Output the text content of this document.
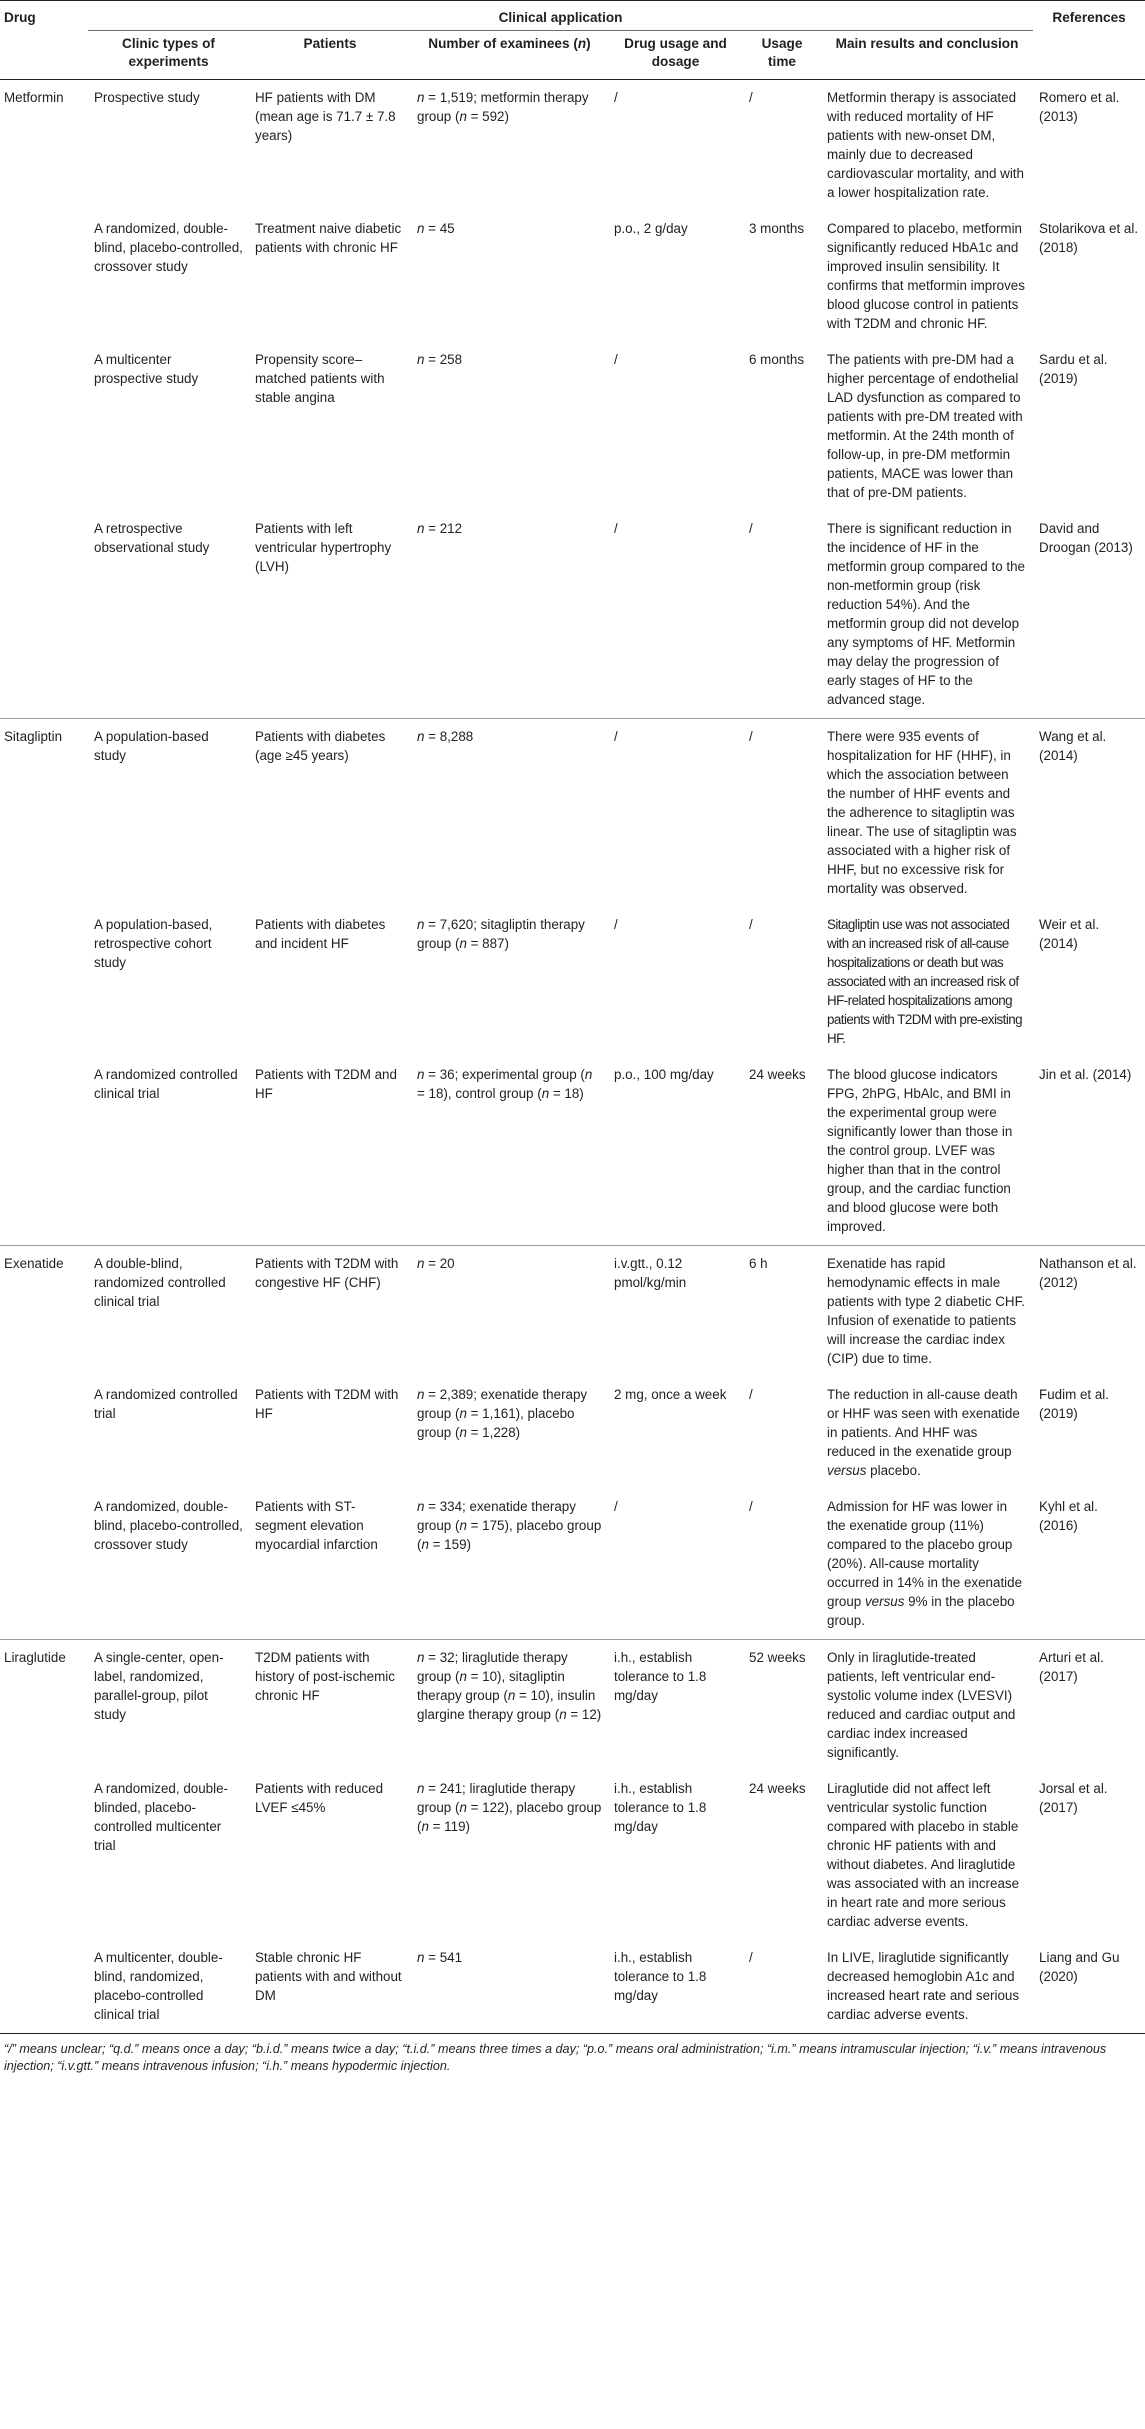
Drug	Clinical application						References
	Clinic types of experiments	Patients	Number of examinees (n)	Drug usage and dosage	Usage time	Main results and conclusion	
Metformin	Prospective study	HF patients with DM (mean age is 71.7 ± 7.8 years)	n = 1,519; metformin therapy group (n = 592)	/	/	Metformin therapy is associated with reduced mortality of HF patients with new-onset DM, mainly due to decreased cardiovascular mortality, and with a lower hospitalization rate.	Romero et al. (2013)
	A randomized, double-blind, placebo-controlled, crossover study	Treatment naive diabetic patients with chronic HF	n = 45	p.o., 2 g/day	3 months	Compared to placebo, metformin significantly reduced HbA1c and improved insulin sensibility. It confirms that metformin improves blood glucose control in patients with T2DM and chronic HF.	Stolarikova et al. (2018)
	A multicenter prospective study	Propensity score–matched patients with stable angina	n = 258	/	6 months	The patients with pre-DM had a higher percentage of endothelial LAD dysfunction as compared to patients with pre-DM treated with metformin. At the 24th month of follow-up, in pre-DM metformin patients, MACE was lower than that of pre-DM patients.	Sardu et al. (2019)
	A retrospective observational study	Patients with left ventricular hypertrophy (LVH)	n = 212	/	/	There is significant reduction in the incidence of HF in the metformin group compared to the non-metformin group (risk reduction 54%). And the metformin group did not develop any symptoms of HF. Metformin may delay the progression of early stages of HF to the advanced stage.	David and Droogan (2013)
Sitagliptin	A population-based study	Patients with diabetes (age ≥45 years)	n = 8,288	/	/	There were 935 events of hospitalization for HF (HHF), in which the association between the number of HHF events and the adherence to sitagliptin was linear. The use of sitagliptin was associated with a higher risk of HHF, but no excessive risk for mortality was observed.	Wang et al. (2014)
	A population-based, retrospective cohort study	Patients with diabetes and incident HF	n = 7,620; sitagliptin therapy group (n = 887)	/	/	Sitagliptin use was not associated with an increased risk of all-cause hospitalizations or death but was associated with an increased risk of HF-related hospitalizations among patients with T2DM with pre-existing HF.	Weir et al. (2014)
	A randomized controlled clinical trial	Patients with T2DM and HF	n = 36; experimental group (n = 18), control group (n = 18)	p.o., 100 mg/day	24 weeks	The blood glucose indicators FPG, 2hPG, HbAlc, and BMI in the experimental group were significantly lower than those in the control group. LVEF was higher than that in the control group, and the cardiac function and blood glucose were both improved.	Jin et al. (2014)
Exenatide	A double-blind, randomized controlled clinical trial	Patients with T2DM with congestive HF (CHF)	n = 20	i.v.gtt., 0.12 pmol/kg/min	6 h	Exenatide has rapid hemodynamic effects in male patients with type 2 diabetic CHF. Infusion of exenatide to patients will increase the cardiac index (CIP) due to time.	Nathanson et al. (2012)
	A randomized controlled trial	Patients with T2DM with HF	n = 2,389; exenatide therapy group (n = 1,161), placebo group (n = 1,228)	2 mg, once a week	/	The reduction in all-cause death or HHF was seen with exenatide in patients. And HHF was reduced in the exenatide group versus placebo.	Fudim et al. (2019)
	A randomized, double-blind, placebo-controlled, crossover study	Patients with ST-segment elevation myocardial infarction	n = 334; exenatide therapy group (n = 175), placebo group (n = 159)	/	/	Admission for HF was lower in the exenatide group (11%) compared to the placebo group (20%). All-cause mortality occurred in 14% in the exenatide group versus 9% in the placebo group.	Kyhl et al. (2016)
Liraglutide	A single-center, open-label, randomized, parallel-group, pilot study	T2DM patients with history of post-ischemic chronic HF	n = 32; liraglutide therapy group (n = 10), sitagliptin therapy group (n = 10), insulin glargine therapy group (n = 12)	i.h., establish tolerance to 1.8 mg/day	52 weeks	Only in liraglutide-treated patients, left ventricular end-systolic volume index (LVESVI) reduced and cardiac output and cardiac index increased significantly.	Arturi et al. (2017)
	A randomized, double-blinded, placebo-controlled multicenter trial	Patients with reduced LVEF ≤45%	n = 241; liraglutide therapy group (n = 122), placebo group (n = 119)	i.h., establish tolerance to 1.8 mg/day	24 weeks	Liraglutide did not affect left ventricular systolic function compared with placebo in stable chronic HF patients with and without diabetes. And liraglutide was associated with an increase in heart rate and more serious cardiac adverse events.	Jorsal et al. (2017)
	A multicenter, double-blind, randomized, placebo-controlled clinical trial	Stable chronic HF patients with and without DM	n = 541	i.h., establish tolerance to 1.8 mg/day	/	In LIVE, liraglutide significantly decreased hemoglobin A1c and increased heart rate and serious cardiac adverse events.	Liang and Gu (2020)

“/” means unclear; “q.d.” means once a day; “b.i.d.” means twice a day; “t.i.d.” means three times a day; “p.o.” means oral administration; “i.m.” means intramuscular injection; “i.v.” means intravenous injection; “i.v.gtt.” means intravenous infusion; “i.h.” means hypodermic injection.
